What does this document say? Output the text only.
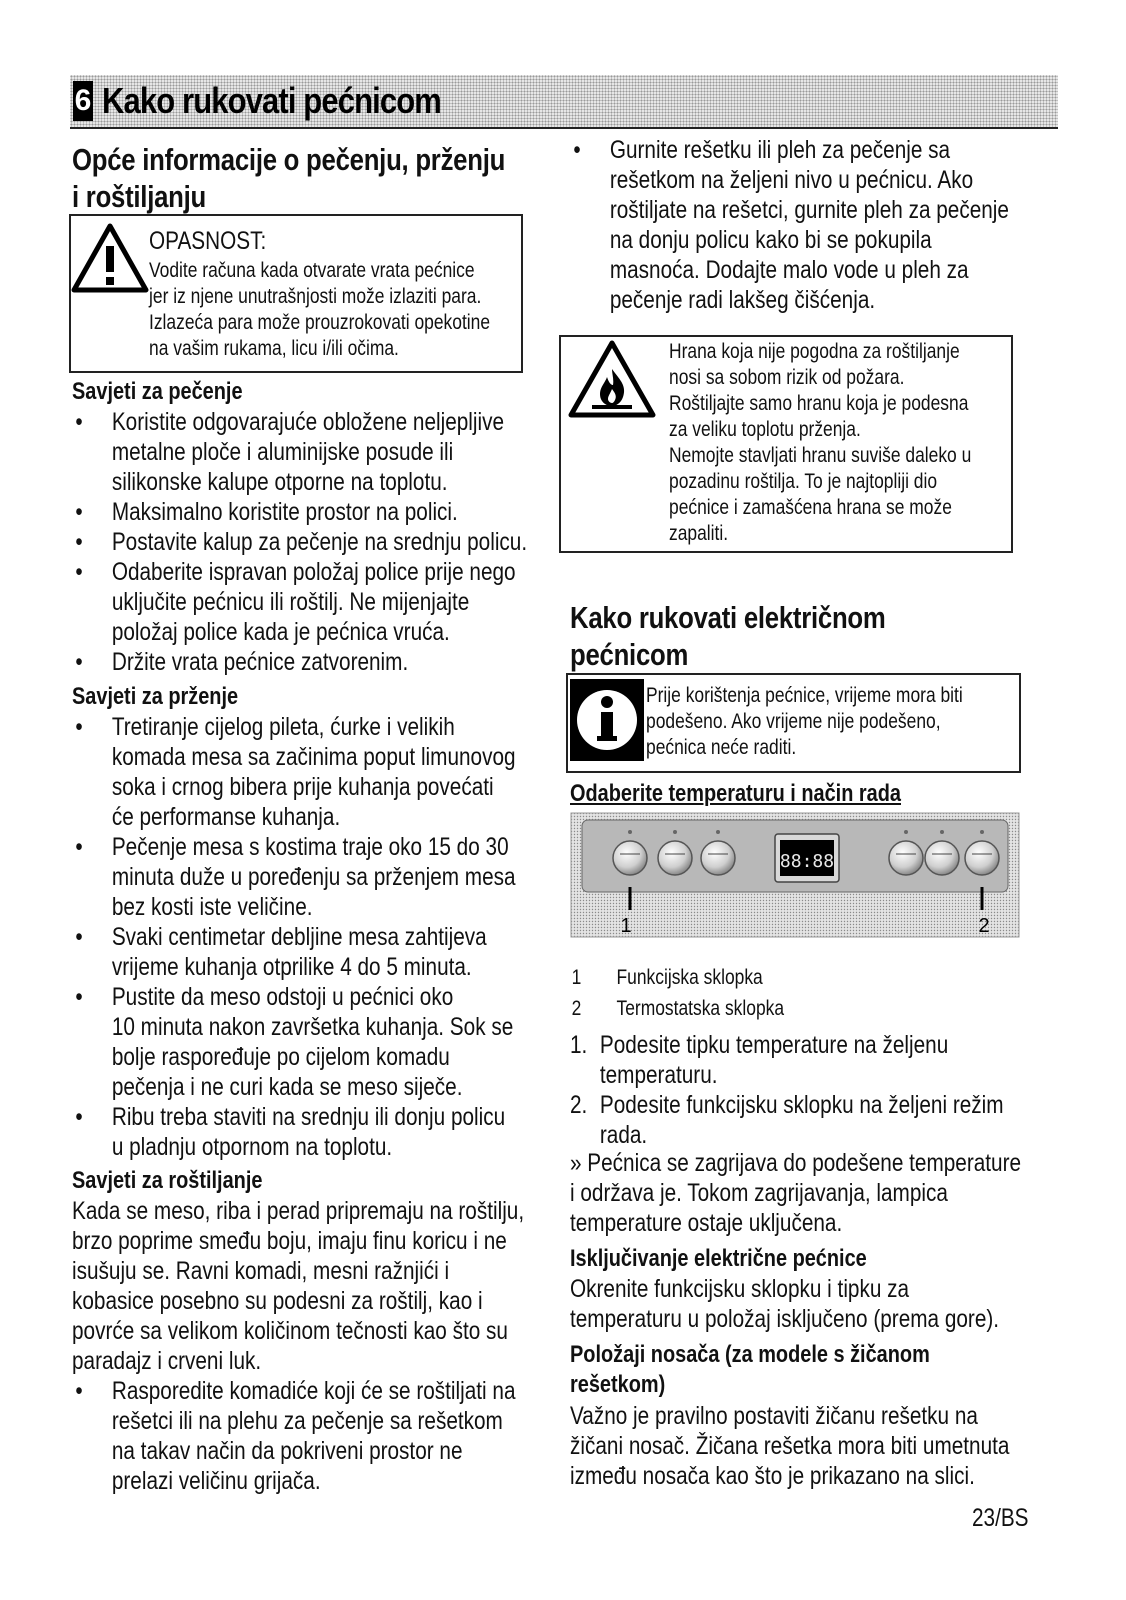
6 Kako rukovati pećnicom
Opće informacije o pečenju, prženju
i roštiljanju
OPASNOST:
Vodite računa kada otvarate vrata pećnice
jer iz njene unutrašnjosti može izlaziti para.
Izlazeća para može prouzrokovati opekotine
na vašim rukama, licu i/ili očima.
Savjeti za pečenje
• Koristite odgovarajuće obložene neljepljive
metalne ploče i aluminijske posude ili
silikonske kalupe otporne na toplotu.
• Maksimalno koristite prostor na polici.
• Postavite kalup za pečenje na srednju policu.
• Odaberite ispravan položaj police prije nego
uključite pećnicu ili roštilj. Ne mijenjajte
položaj police kada je pećnica vruća.
• Držite vrata pećnice zatvorenim.
Savjeti za prženje
• Tretiranje cijelog pileta, ćurke i velikih
komada mesa sa začinima poput limunovog
soka i crnog bibera prije kuhanja povećati
će performanse kuhanja.
• Pečenje mesa s kostima traje oko 15 do 30
minuta duže u poređenju sa prženjem mesa
bez kosti iste veličine.
• Svaki centimetar debljine mesa zahtijeva
vrijeme kuhanja otprilike 4 do 5 minuta.
• Pustite da meso odstoji u pećnici oko
10 minuta nakon završetka kuhanja. Sok se
bolje raspoređuje po cijelom komadu
pečenja i ne curi kada se meso siječe.
• Ribu treba staviti na srednju ili donju policu
u pladnju otpornom na toplotu.
Savjeti za roštiljanje
Kada se meso, riba i perad pripremaju na roštilju,
brzo poprime smeđu boju, imaju finu koricu i ne
isušuju se. Ravni komadi, mesni ražnjići i
kobasice posebno su podesni za roštilj, kao i
povrće sa velikom količinom tečnosti kao što su
paradajz i crveni luk.
• Rasporedite komadiće koji će se roštiljati na
rešetci ili na plehu za pečenje sa rešetkom
na takav način da pokriveni prostor ne
prelazi veličinu grijača.
• Gurnite rešetku ili pleh za pečenje sa
rešetkom na željeni nivo u pećnicu. Ako
roštiljate na rešetci, gurnite pleh za pečenje
na donju policu kako bi se pokupila
masnoća. Dodajte malo vode u pleh za
pečenje radi lakšeg čišćenja.
Hrana koja nije pogodna za roštiljanje
nosi sa sobom rizik od požara.
Roštiljajte samo hranu koja je podesna
za veliku toplotu prženja.
Nemojte stavljati hranu suviše daleko u
pozadinu roštilja. To je najtopliji dio
pećnice i zamašćena hrana se može
zapaliti.
Kako rukovati električnom
pećnicom
Prije korištenja pećnice, vrijeme mora biti
podešeno. Ako vrijeme nije podešeno,
pećnica neće raditi.
Odaberite temperaturu i način rada
88:88
1	2
1 Funkcijska sklopka
2 Termostatska sklopka
1. Podesite tipku temperature na željenu
temperaturu.
2. Podesite funkcijsku sklopku na željeni režim
rada.
» Pećnica se zagrijava do podešene temperature
i održava je. Tokom zagrijavanja, lampica
temperature ostaje uključena.
Isključivanje električne pećnice
Okrenite funkcijsku sklopku i tipku za
temperaturu u položaj isključeno (prema gore).
Položaji nosača (za modele s žičanom
rešetkom)
Važno je pravilno postaviti žičanu rešetku na
žičani nosač. Žičana rešetka mora biti umetnuta
između nosača kao što je prikazano na slici.
23/BS
